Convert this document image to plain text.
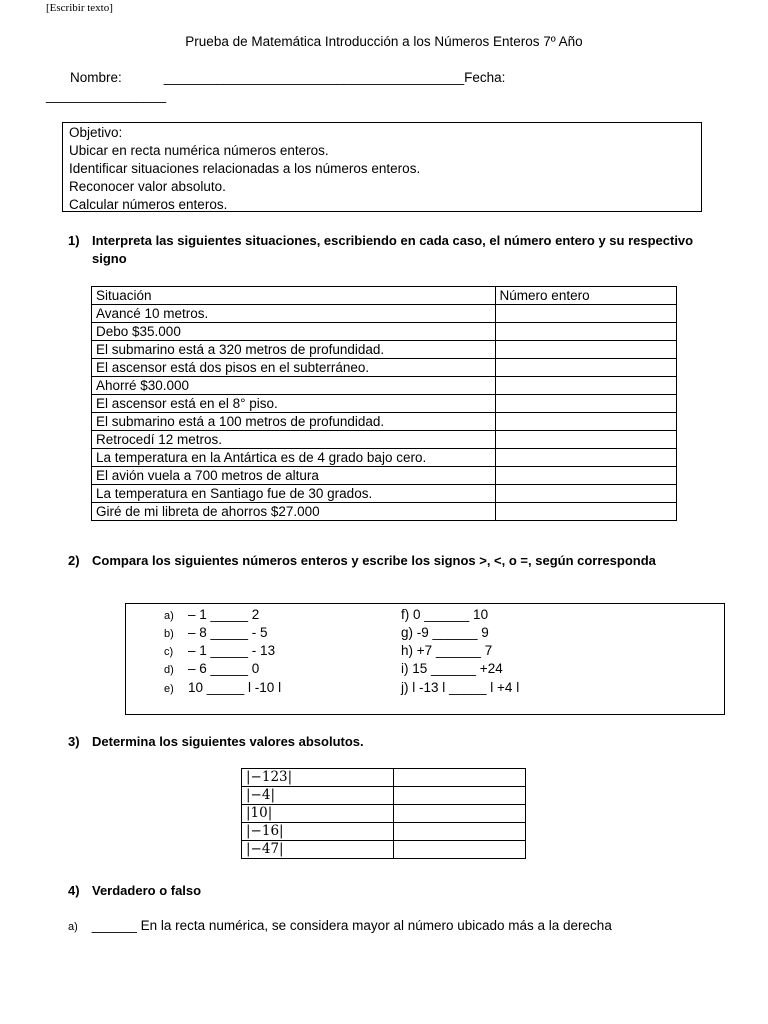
[Escribir texto]
Prueba de Matemática Introducción a los Números Enteros 7º Año
Nombre:	________________________________________Fecha:
________________
Objetivo:
Ubicar en recta numérica números enteros.
Identificar situaciones relacionadas a los números enteros.
Reconocer valor absoluto.
Calcular números enteros.
1) Interpreta las siguientes situaciones, escribiendo en cada caso, el número entero y su respectivo signo
Situación	Número entero
Avancé 10 metros.	
Debo $35.000	
El submarino está a 320 metros de profundidad.	
El ascensor está dos pisos en el subterráneo.	
Ahorré $30.000	
El ascensor está en el 8° piso.	
El submarino está a 100 metros de profundidad.	
Retrocedí 12 metros.	
La temperatura en la Antártica es de 4 grado bajo cero.	
El avión vuela a 700 metros de altura	
La temperatura en Santiago fue de 30 grados.	
Giré de mi libreta de ahorros $27.000	
2) Compara los siguientes números enteros y escribe los signos >, <, o =, según corresponda
a) – 1 _____ 2
b) – 8 _____ - 5
c) – 1 _____ - 13
d) – 6 _____ 0
e) 10 _____ l -10 l
f) 0 ______ 10
g) -9 ______ 9
h) +7 ______ 7
i) 15 ______ +24
j) l -13 l _____ l +4 l
3) Determina los siguientes valores absolutos.
|−123|	
|−4|	
|10|	
|−16|	
|−47|	
4) Verdadero o falso
a) ______ En la recta numérica, se considera mayor al número ubicado más a la derecha
